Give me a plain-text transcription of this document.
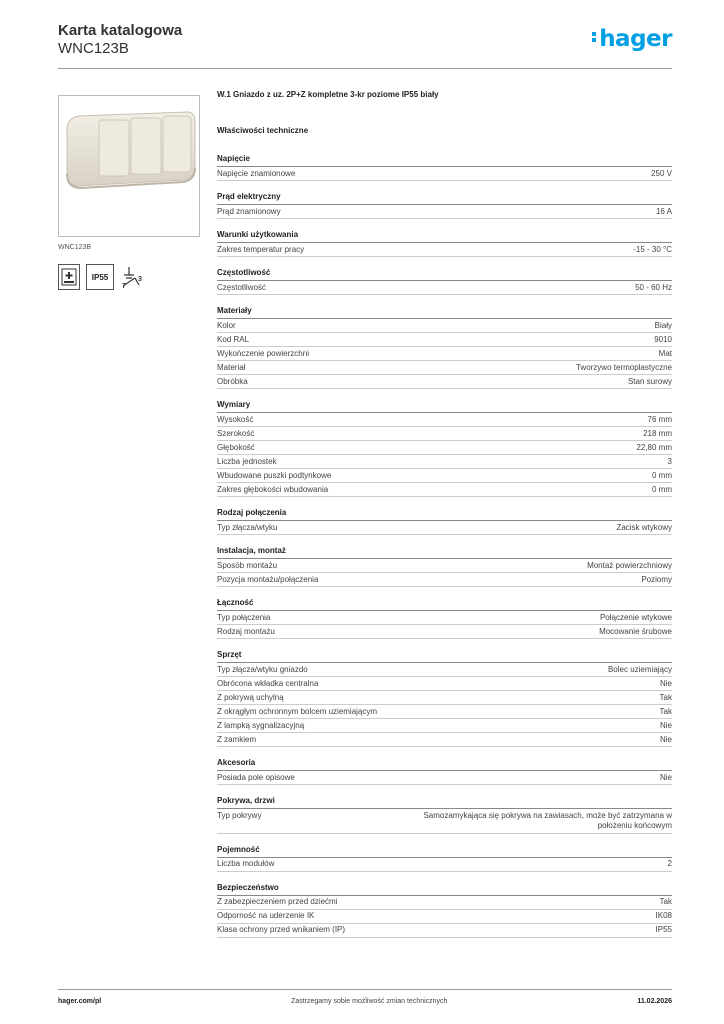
Karta katalogowa
WNC123B	hager
WNC123B
IP55	3
7
W.1 Gniazdo z uz. 2P+Z kompletne 3-kr poziome IP55 biały
Właściwości techniczne
Napięcie
Napięcie znamionowe	250 V
Prąd elektryczny
Prąd znamionowy	16 A
Warunki użytkowania
Zakres temperatur pracy	-15 - 30 °C
Częstotliwość
Częstotliwość	50 - 60 Hz
Materiały
Kolor	Biały
Kod RAL	9010
Wykończenie powierzchni	Mat
Materiał	Tworzywo termoplastyczne
Obróbka	Stan surowy
Wymiary
Wysokość	76 mm
Szerokość	218 mm
Głębokość	22,80 mm
Liczba jednostek	3
Wbudowane puszki podtynkowe	0 mm
Zakres głębokości wbudowania	0 mm
Rodzaj połączenia
Typ złącza/wtyku	Zacisk wtykowy
Instalacja, montaż
Sposób montażu	Montaż powierzchniowy
Pozycja montażu/połączenia	Poziomy
Łączność
Typ połączenia	Połączenie wtykowe
Rodzaj montażu	Mocowanie śrubowe
Sprzęt
Typ złącza/wtyku gniazdo	Bolec uziemiający
Obrócona wkładka centralna	Nie
Z pokrywą uchylną	Tak
Z okrągłym ochronnym bolcem uziemiającym	Tak
Z lampką sygnalizacyjną	Nie
Z zamkiem	Nie
Akcesoria
Posiada pole opisowe	Nie
Pokrywa, drzwi
Typ pokrywy	Samozamykająca się pokrywa na zawiasach, może być zatrzymana w położeniu końcowym
Pojemność
Liczba modułów	2
Bezpieczeństwo
Z zabezpieczeniem przed dziećmi	Tak
Odporność na uderzenie IK	IK08
Klasa ochrony przed wnikaniem (IP)	IP55
hager.com/pl	Zastrzegamy sobie możliwość zmian technicznych	11.02.2026
